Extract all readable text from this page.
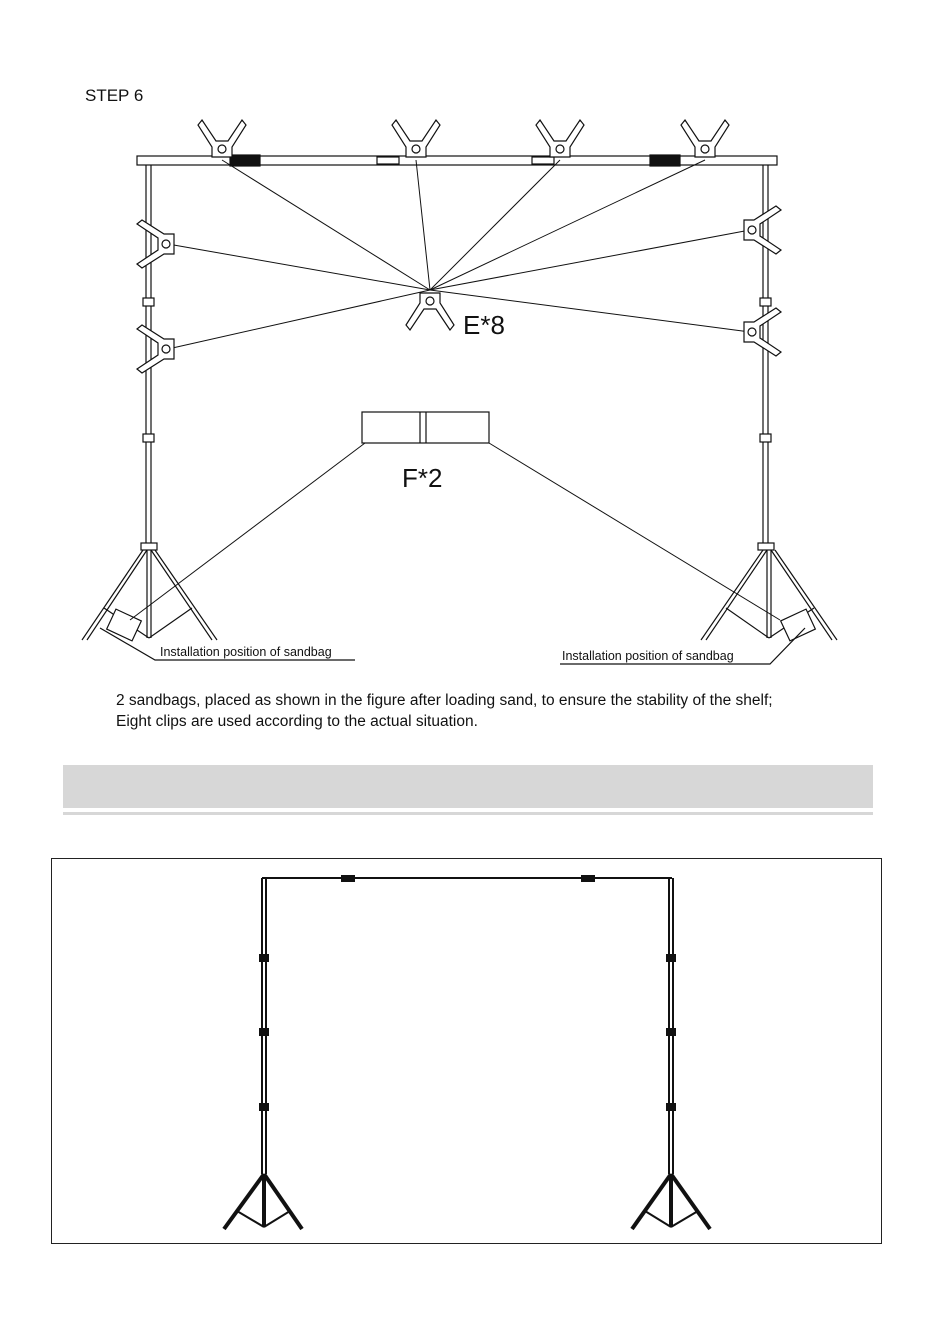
STEP 6
E*8
F*2
Installation position of sandbag	Installation position of sandbag
2 sandbags, placed as shown in the figure after loading sand, to ensure the stability of the shelf;
Eight clips are used according to the actual situation.
